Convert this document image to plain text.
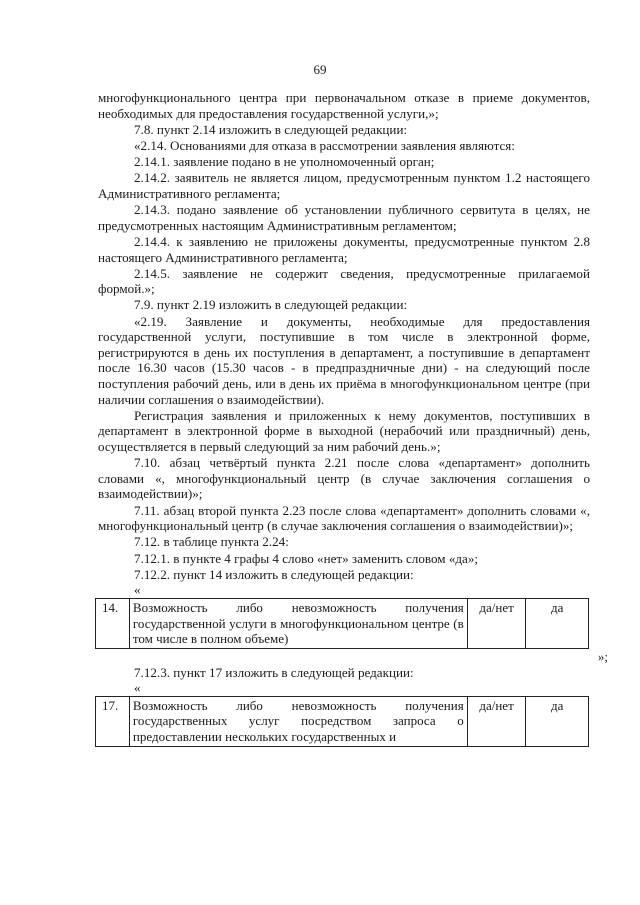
69

многофункционального центра при первоначальном отказе в приеме документов, необходимых для предоставления государственной услуги,»;

7.8. пункт 2.14 изложить в следующей редакции:

«2.14. Основаниями для отказа в рассмотрении заявления являются:

2.14.1. заявление подано в не уполномоченный орган;

2.14.2. заявитель не является лицом, предусмотренным пунктом 1.2 настоящего Административного регламента;

2.14.3. подано заявление об установлении публичного сервитута в целях, не предусмотренных настоящим Административным регламентом;

2.14.4. к заявлению не приложены документы, предусмотренные пунктом 2.8 настоящего Административного регламента;

2.14.5. заявление не содержит сведения, предусмотренные прилагаемой формой.»;

7.9. пункт 2.19 изложить в следующей редакции:

«2.19. Заявление и документы, необходимые для предоставления государственной услуги, поступившие в том числе в электронной форме, регистрируются в день их поступления в департамент, а поступившие в департамент после 16.30 часов (15.30 часов - в предпраздничные дни) - на следующий после поступления рабочий день, или в день их приёма в многофункциональном центре (при наличии соглашения о взаимодействии).

Регистрация заявления и приложенных к нему документов, поступивших в департамент в электронной форме в выходной (нерабочий или праздничный) день, осуществляется в первый следующий за ним рабочий день.»;

7.10. абзац четвёртый пункта 2.21 после слова «департамент» дополнить словами «, многофункциональный центр (в случае заключения соглашения о взаимодействии)»;

7.11. абзац второй пункта 2.23 после слова «департамент» дополнить словами «, многофункциональный центр (в случае заключения соглашения о взаимодействии)»;

7.12. в таблице пункта 2.24:

7.12.1. в пункте 4 графы 4 слово «нет» заменить словом «да»;

7.12.2. пункт 14 изложить в следующей редакции:

«

14.	Возможность либо невозможность получения государственной услуги в многофункциональном центре (в том числе в полном объеме)	да/нет	да
»;

7.12.3. пункт 17 изложить в следующей редакции:

«

17.	Возможность либо невозможность получения государственных услуг посредством запроса о предоставлении нескольких государственных и	да/нет	да
